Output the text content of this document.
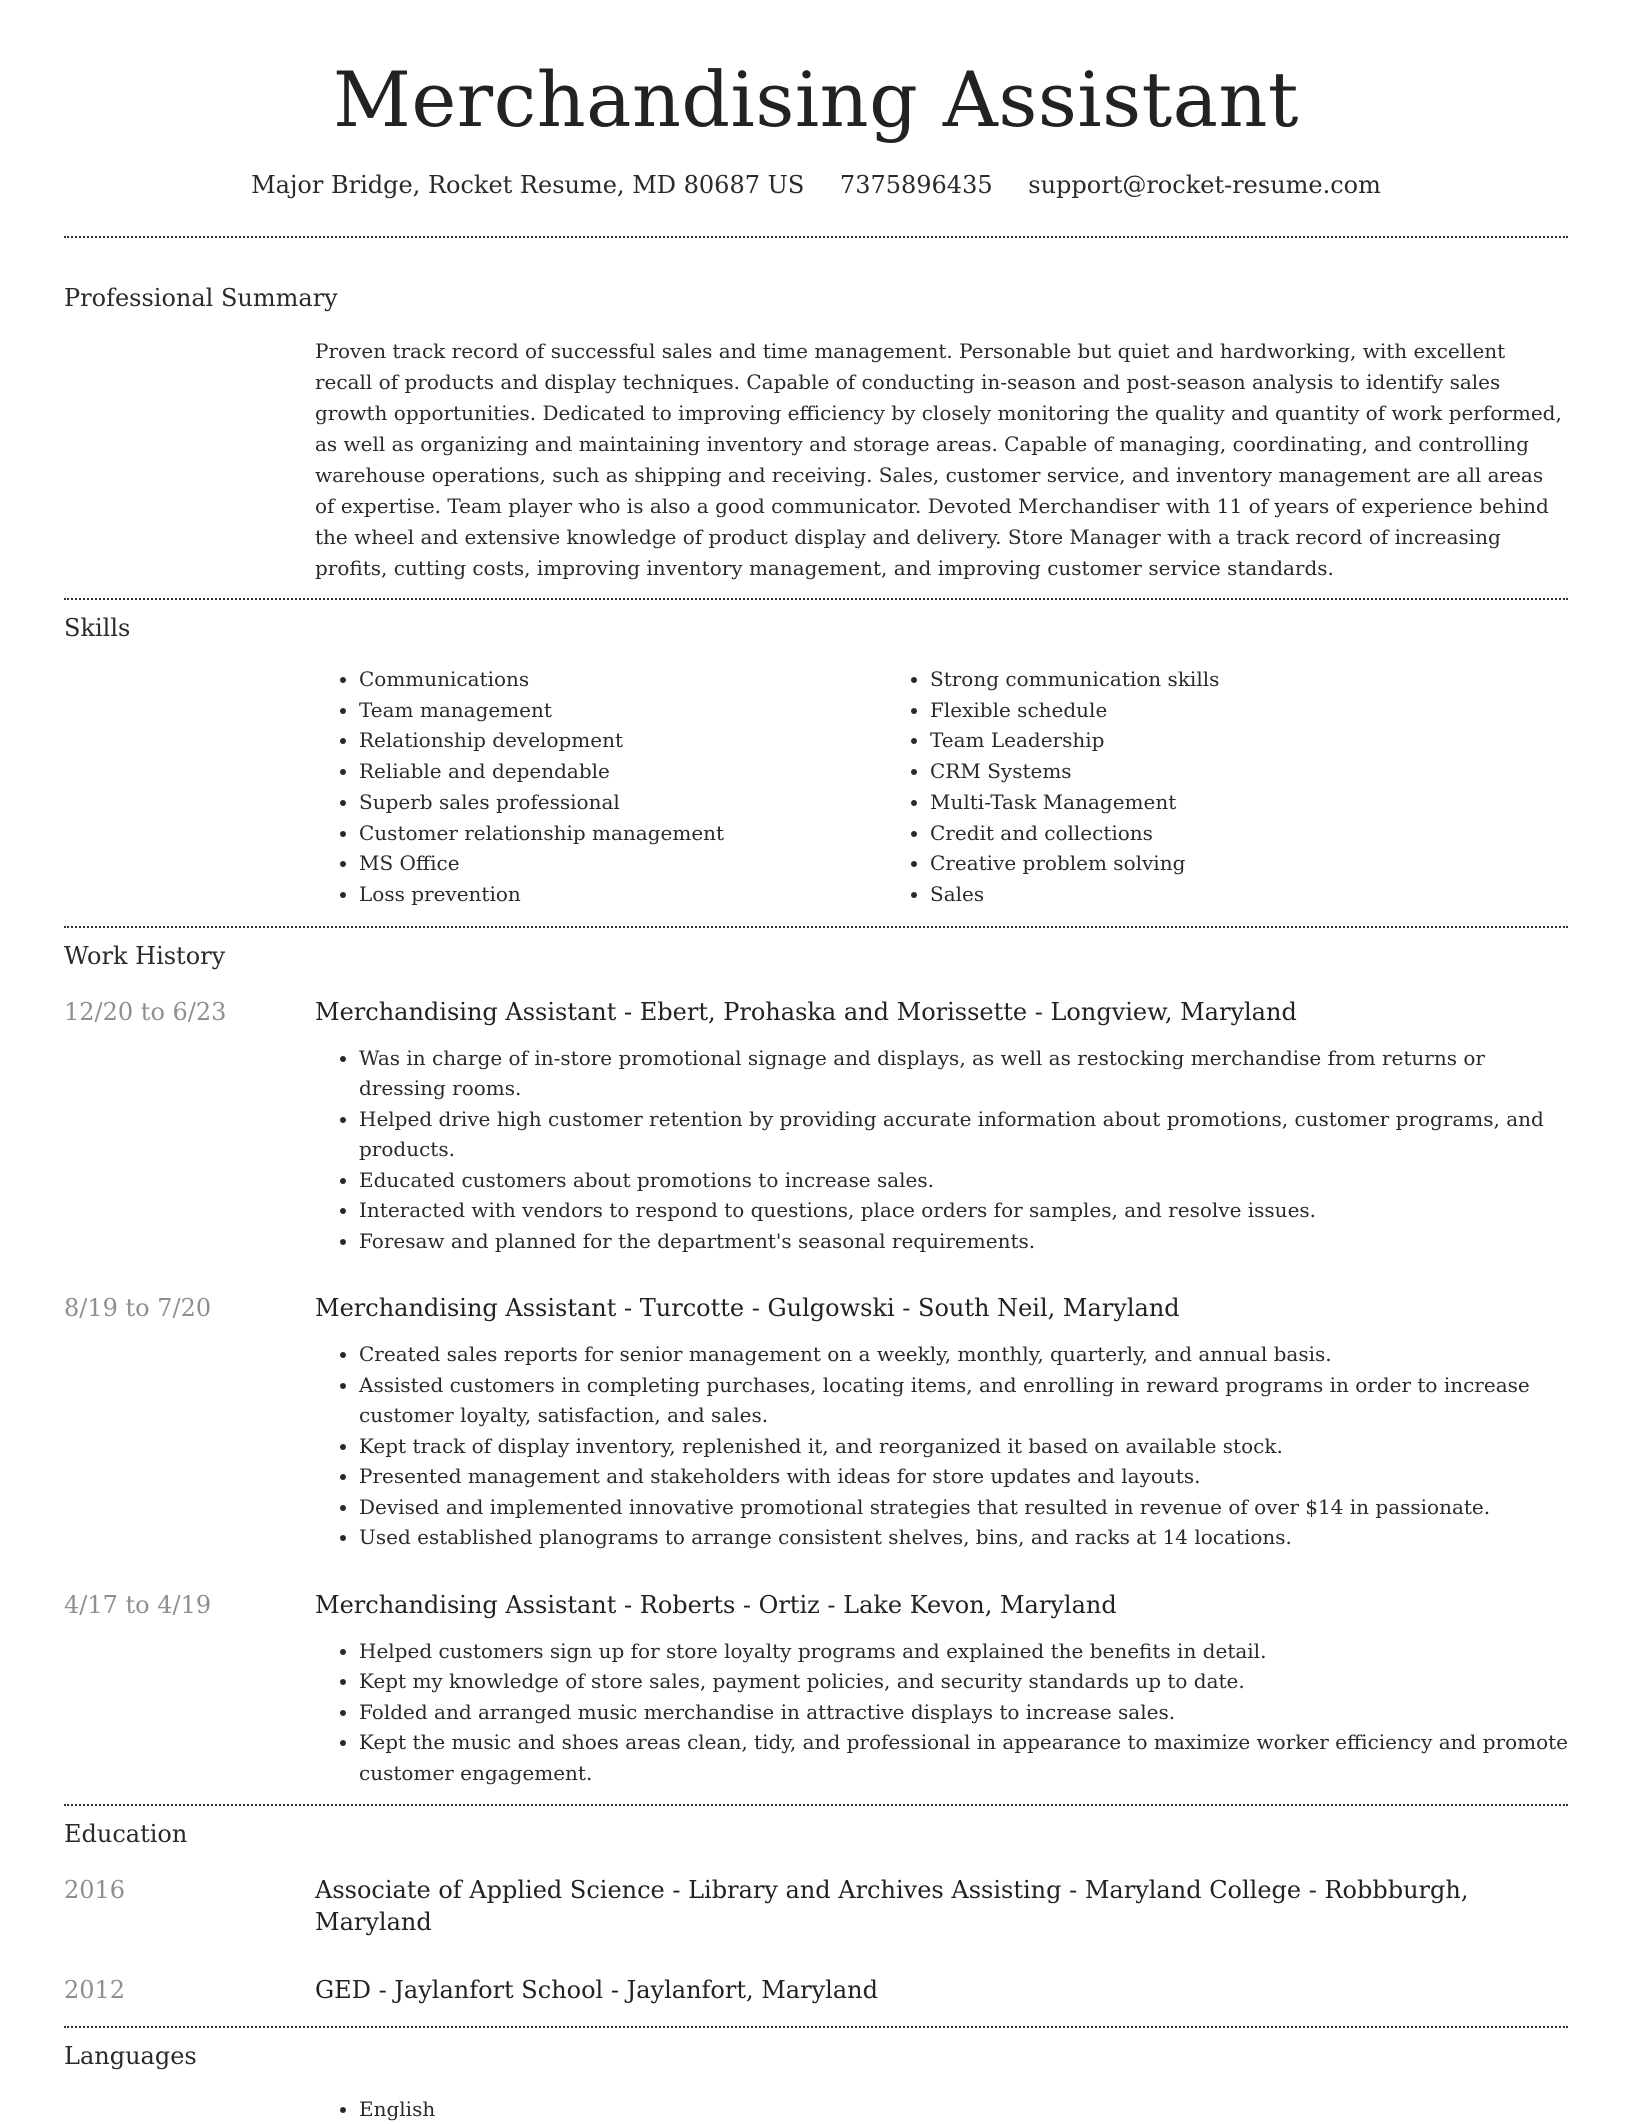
Merchandising Assistant
Major Bridge, Rocket Resume, MD 80687 US 7375896435 support@rocket-resume.com
Professional Summary
Proven track record of successful sales and time management. Personable but quiet and hardworking, with excellent recall of products and display techniques. Capable of conducting in-season and post-season analysis to identify sales growth opportunities. Dedicated to improving efficiency by closely monitoring the quality and quantity of work performed, as well as organizing and maintaining inventory and storage areas. Capable of managing, coordinating, and controlling warehouse operations, such as shipping and receiving. Sales, customer service, and inventory management are all areas of expertise. Team player who is also a good communicator. Devoted Merchandiser with 11 of years of experience behind the wheel and extensive knowledge of product display and delivery. Store Manager with a track record of increasing profits, cutting costs, improving inventory management, and improving customer service standards.
Skills
• Communications
• Team management
• Relationship development
• Reliable and dependable
• Superb sales professional
• Customer relationship management
• MS Office
• Loss prevention
• Strong communication skills
• Flexible schedule
• Team Leadership
• CRM Systems
• Multi-Task Management
• Credit and collections
• Creative problem solving
• Sales
Work History
12/20 to 6/23	Merchandising Assistant - Ebert, Prohaska and Morissette - Longview, Maryland
• Was in charge of in-store promotional signage and displays, as well as restocking merchandise from returns or dressing rooms.
• Helped drive high customer retention by providing accurate information about promotions, customer programs, and products.
• Educated customers about promotions to increase sales.
• Interacted with vendors to respond to questions, place orders for samples, and resolve issues.
• Foresaw and planned for the department's seasonal requirements.
8/19 to 7/20	Merchandising Assistant - Turcotte - Gulgowski - South Neil, Maryland
• Created sales reports for senior management on a weekly, monthly, quarterly, and annual basis.
• Assisted customers in completing purchases, locating items, and enrolling in reward programs in order to increase customer loyalty, satisfaction, and sales.
• Kept track of display inventory, replenished it, and reorganized it based on available stock.
• Presented management and stakeholders with ideas for store updates and layouts.
• Devised and implemented innovative promotional strategies that resulted in revenue of over $14 in passionate.
• Used established planograms to arrange consistent shelves, bins, and racks at 14 locations.
4/17 to 4/19	Merchandising Assistant - Roberts - Ortiz - Lake Kevon, Maryland
• Helped customers sign up for store loyalty programs and explained the benefits in detail.
• Kept my knowledge of store sales, payment policies, and security standards up to date.
• Folded and arranged music merchandise in attractive displays to increase sales.
• Kept the music and shoes areas clean, tidy, and professional in appearance to maximize worker efficiency and promote customer engagement.
Education
2016	Associate of Applied Science - Library and Archives Assisting - Maryland College - Robbburgh, Maryland
2012	GED - Jaylanfort School - Jaylanfort, Maryland
Languages
• English
